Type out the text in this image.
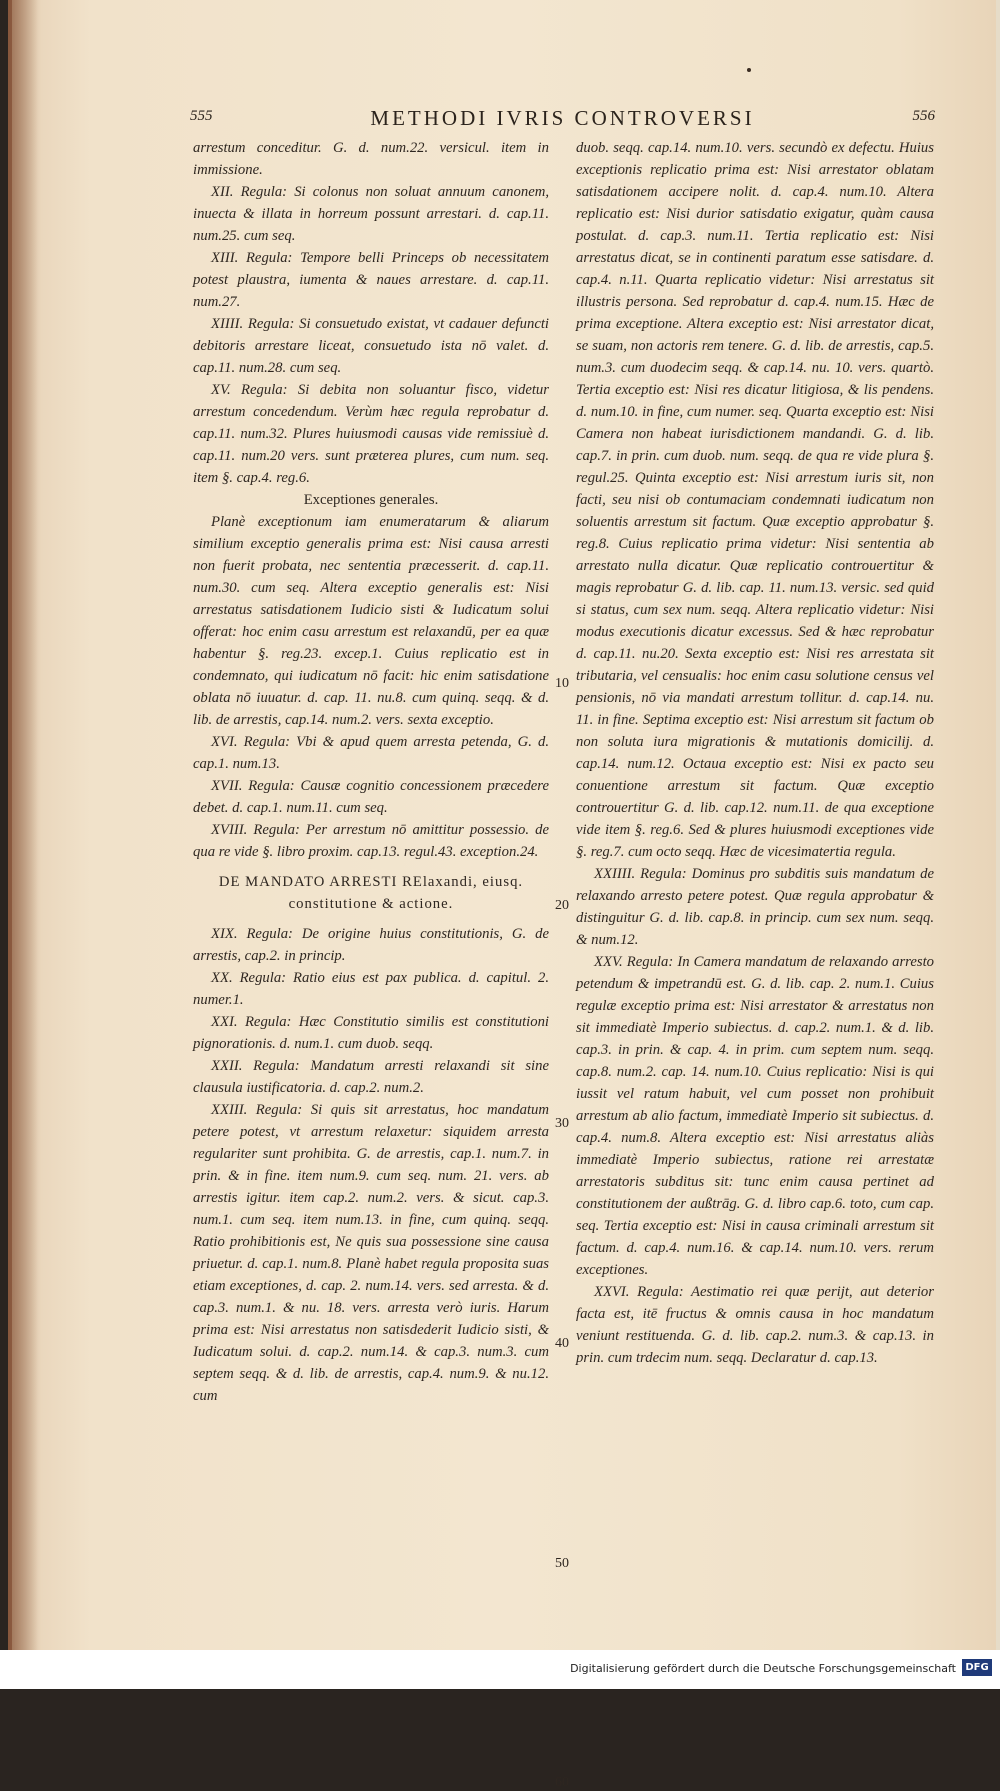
555	METHODI IVRIS CONTROVERSI	556

arrestum conceditur. G. d. num.22. versicul. item in immissione.

XII. Regula: Si colonus non soluat annuum canonem, inuecta & illata in horreum possunt arrestari. d. cap.11. num.25. cum seq.

XIII. Regula: Tempore belli Princeps ob necessitatem potest plaustra, iumenta & naues arrestare. d. cap.11. num.27.

XIIII. Regula: Si consuetudo existat, vt cadauer defuncti debitoris arrestare liceat, consuetudo ista nō valet. d. cap.11. num.28. cum seq.

XV. Regula: Si debita non soluantur fisco, videtur arrestum concedendum. Verùm hæc regula reprobatur d. cap.11. num.32. Plures huiusmodi causas vide remissiuè d. cap.11. num.20 vers. sunt præterea plures, cum num. seq. item §. cap.4. reg.6.

Exceptiones generales.

Planè exceptionum iam enumeratarum & aliarum similium exceptio generalis prima est: Nisi causa arresti non fuerit probata, nec sententia præcesserit. d. cap.11. num.30. cum seq. Altera exceptio generalis est: Nisi arrestatus satisdationem Iudicio sisti & Iudicatum solui offerat: hoc enim casu arrestum est relaxandū, per ea quæ habentur §. reg.23. excep.1. Cuius replicatio est in condemnato, qui iudicatum nō facit: hic enim satisdatione oblata nō iuuatur. d. cap. 11. nu.8. cum quinq. seqq. & d. lib. de arrestis, cap.14. num.2. vers. sexta exceptio.

XVI. Regula: Vbi & apud quem arresta petenda, G. d. cap.1. num.13.

XVII. Regula: Causæ cognitio concessionem præcedere debet. d. cap.1. num.11. cum seq.

XVIII. Regula: Per arrestum nō amittitur possessio. de qua re vide §. libro proxim. cap.13. regul.43. exception.24.

DE MANDATO ARRESTI RElaxandi, eiusq. constitutione & actione.

XIX. Regula: De origine huius constitutionis, G. de arrestis, cap.2. in princip.

XX. Regula: Ratio eius est pax publica. d. capitul. 2. numer.1.

XXI. Regula: Hæc Constitutio similis est constitutioni pignorationis. d. num.1. cum duob. seqq.

XXII. Regula: Mandatum arresti relaxandi sit sine clausula iustificatoria. d. cap.2. num.2.

XXIII. Regula: Si quis sit arrestatus, hoc mandatum petere potest, vt arrestum relaxetur: siquidem arresta regulariter sunt prohibita. G. de arrestis, cap.1. num.7. in prin. & in fine. item num.9. cum seq. num. 21. vers. ab arrestis igitur. item cap.2. num.2. vers. & sicut. cap.3. num.1. cum seq. item num.13. in fine, cum quinq. seqq. Ratio prohibitionis est, Ne quis sua possessione sine causa priuetur. d. cap.1. num.8. Planè habet regula proposita suas etiam exceptiones, d. cap. 2. num.14. vers. sed arresta. & d. cap.3. num.1. & nu. 18. vers. arresta verò iuris. Harum prima est: Nisi arrestatus non satisdederit Iudicio sisti, & Iudicatum solui. d. cap.2. num.14. & cap.3. num.3. cum septem seqq. & d. lib. de arrestis, cap.4. num.9. & nu.12. cum

10
20
30
40
50
60

duob. seqq. cap.14. num.10. vers. secundò ex defectu. Huius exceptionis replicatio prima est: Nisi arrestator oblatam satisdationem accipere nolit. d. cap.4. num.10. Altera replicatio est: Nisi durior satisdatio exigatur, quàm causa postulat. d. cap.3. num.11. Tertia replicatio est: Nisi arrestatus dicat, se in continenti paratum esse satisdare. d. cap.4. n.11. Quarta replicatio videtur: Nisi arrestatus sit illustris persona. Sed reprobatur d. cap.4. num.15. Hæc de prima exceptione. Altera exceptio est: Nisi arrestator dicat, se suam, non actoris rem tenere. G. d. lib. de arrestis, cap.5. num.3. cum duodecim seqq. & cap.14. nu. 10. vers. quartò. Tertia exceptio est: Nisi res dicatur litigiosa, & lis pendens. d. num.10. in fine, cum numer. seq. Quarta exceptio est: Nisi Camera non habeat iurisdictionem mandandi. G. d. lib. cap.7. in prin. cum duob. num. seqq. de qua re vide plura §. regul.25. Quinta exceptio est: Nisi arrestum iuris sit, non facti, seu nisi ob contumaciam condemnati iudicatum non soluentis arrestum sit factum. Quæ exceptio approbatur §. reg.8. Cuius replicatio prima videtur: Nisi sententia ab arrestato nulla dicatur. Quæ replicatio controuertitur & magis reprobatur G. d. lib. cap. 11. num.13. versic. sed quid si status, cum sex num. seqq. Altera replicatio videtur: Nisi modus executionis dicatur excessus. Sed & hæc reprobatur d. cap.11. nu.20. Sexta exceptio est: Nisi res arrestata sit tributaria, vel censualis: hoc enim casu solutione census vel pensionis, nō via mandati arrestum tollitur. d. cap.14. nu. 11. in fine. Septima exceptio est: Nisi arrestum sit factum ob non soluta iura migrationis & mutationis domicilij. d. cap.14. num.12. Octaua exceptio est: Nisi ex pacto seu conuentione arrestum sit factum. Quæ exceptio controuertitur G. d. lib. cap.12. num.11. de qua exceptione vide item §. reg.6. Sed & plures huiusmodi exceptiones vide §. reg.7. cum octo seqq. Hæc de vicesimatertia regula.

XXIIII. Regula: Dominus pro subditis suis mandatum de relaxando arresto petere potest. Quæ regula approbatur & distinguitur G. d. lib. cap.8. in princip. cum sex num. seqq. & num.12.

XXV. Regula: In Camera mandatum de relaxando arresto petendum & impetrandū est. G. d. lib. cap. 2. num.1. Cuius regulæ exceptio prima est: Nisi arrestator & arrestatus non sit immediatè Imperio subiectus. d. cap.2. num.1. & d. lib. cap.3. in prin. & cap. 4. in prim. cum septem num. seqq. cap.8. num.2. cap. 14. num.10. Cuius replicatio: Nisi is qui iussit vel ratum habuit, vel cum posset non prohibuit arrestum ab alio factum, immediatè Imperio sit subiectus. d. cap.4. num.8. Altera exceptio est: Nisi arrestatus aliàs immediatè Imperio subiectus, ratione rei arrestatæ arrestatoris subditus sit: tunc enim causa pertinet ad constitutionem der außtrāg. G. d. libro cap.6. toto, cum cap. seq. Tertia exceptio est: Nisi in causa criminali arrestum sit factum. d. cap.4. num.16. & cap.14. num.10. vers. rerum exceptiones.

XXVI. Regula: Aestimatio rei quæ perijt, aut deterior facta est, itē fructus & omnis causa in hoc mandatum veniunt restituenda. G. d. lib. cap.2. num.3. & cap.13. in prin. cum trdecim num. seqq. Declaratur d. cap.13.

Digitalisierung gefördert durch die Deutsche Forschungsgemeinschaft DFG
